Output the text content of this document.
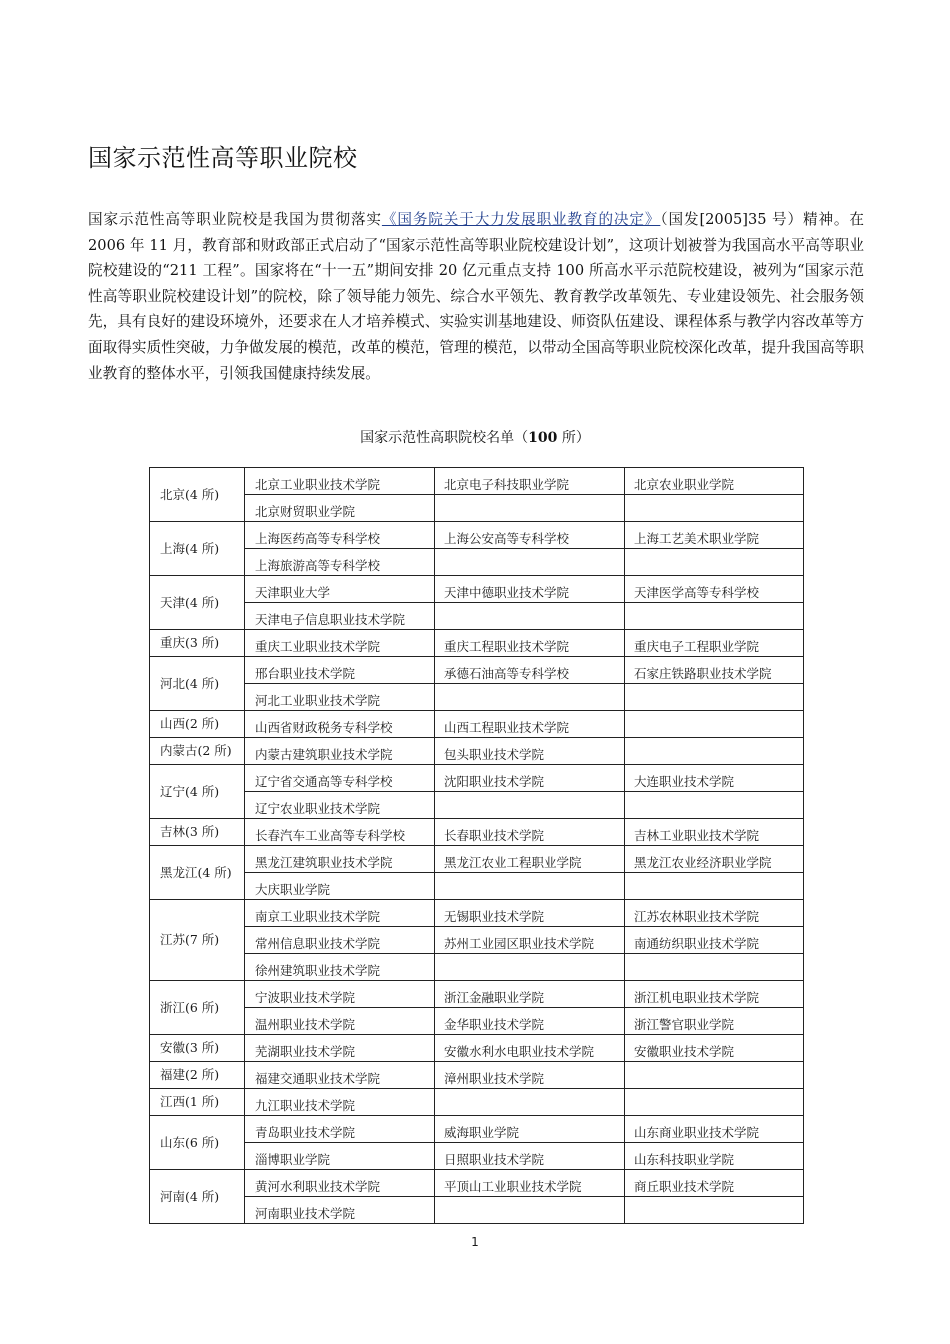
国家示范性高等职业院校

国家示范性高等职业院校是我国为贯彻落实《国务院关于大力发展职业教育的决定》（国发[2005]35 号）精神。在 2006 年 11 月，教育部和财政部正式启动了“国家示范性高等职业院校建设计划”，这项计划被誉为我国高水平高等职业院校建设的“211 工程”。国家将在“十一五”期间安排 20 亿元重点支持 100 所高水平示范院校建设，被列为“国家示范性高等职业院校建设计划”的院校，除了领导能力领先、综合水平领先、教育教学改革领先、专业建设领先、社会服务领先，具有良好的建设环境外，还要求在人才培养模式、实验实训基地建设、师资队伍建设、课程体系与教学内容改革等方面取得实质性突破，力争做发展的模范，改革的模范，管理的模范，以带动全国高等职业院校深化改革，提升我国高等职业教育的整体水平，引领我国健康持续发展。

国家示范性高职院校名单（100 所）
北京(4 所)	北京工业职业技术学院	北京电子科技职业学院	北京农业职业学院
	北京财贸职业学院		
上海(4 所)	上海医药高等专科学校	上海公安高等专科学校	上海工艺美术职业学院
	上海旅游高等专科学校		
天津(4 所)	天津职业大学	天津中德职业技术学院	天津医学高等专科学校
	天津电子信息职业技术学院		
重庆(3 所)	重庆工业职业技术学院	重庆工程职业技术学院	重庆电子工程职业学院
河北(4 所)	邢台职业技术学院	承德石油高等专科学校	石家庄铁路职业技术学院
	河北工业职业技术学院		
山西(2 所)	山西省财政税务专科学校	山西工程职业技术学院	
内蒙古(2 所)	内蒙古建筑职业技术学院	包头职业技术学院	
辽宁(4 所)	辽宁省交通高等专科学校	沈阳职业技术学院	大连职业技术学院
	辽宁农业职业技术学院		
吉林(3 所)	长春汽车工业高等专科学校	长春职业技术学院	吉林工业职业技术学院
黑龙江(4 所)	黑龙江建筑职业技术学院	黑龙江农业工程职业学院	黑龙江农业经济职业学院
	大庆职业学院		
江苏(7 所)	南京工业职业技术学院	无锡职业技术学院	江苏农林职业技术学院
	常州信息职业技术学院	苏州工业园区职业技术学院	南通纺织职业技术学院
	徐州建筑职业技术学院		
浙江(6 所)	宁波职业技术学院	浙江金融职业学院	浙江机电职业技术学院
	温州职业技术学院	金华职业技术学院	浙江警官职业学院
安徽(3 所)	芜湖职业技术学院	安徽水利水电职业技术学院	安徽职业技术学院
福建(2 所)	福建交通职业技术学院	漳州职业技术学院	
江西(1 所)	九江职业技术学院		
山东(6 所)	青岛职业技术学院	威海职业学院	山东商业职业技术学院
	淄博职业学院	日照职业技术学院	山东科技职业学院
河南(4 所)	黄河水利职业技术学院	平顶山工业职业技术学院	商丘职业技术学院
	河南职业技术学院		
1
